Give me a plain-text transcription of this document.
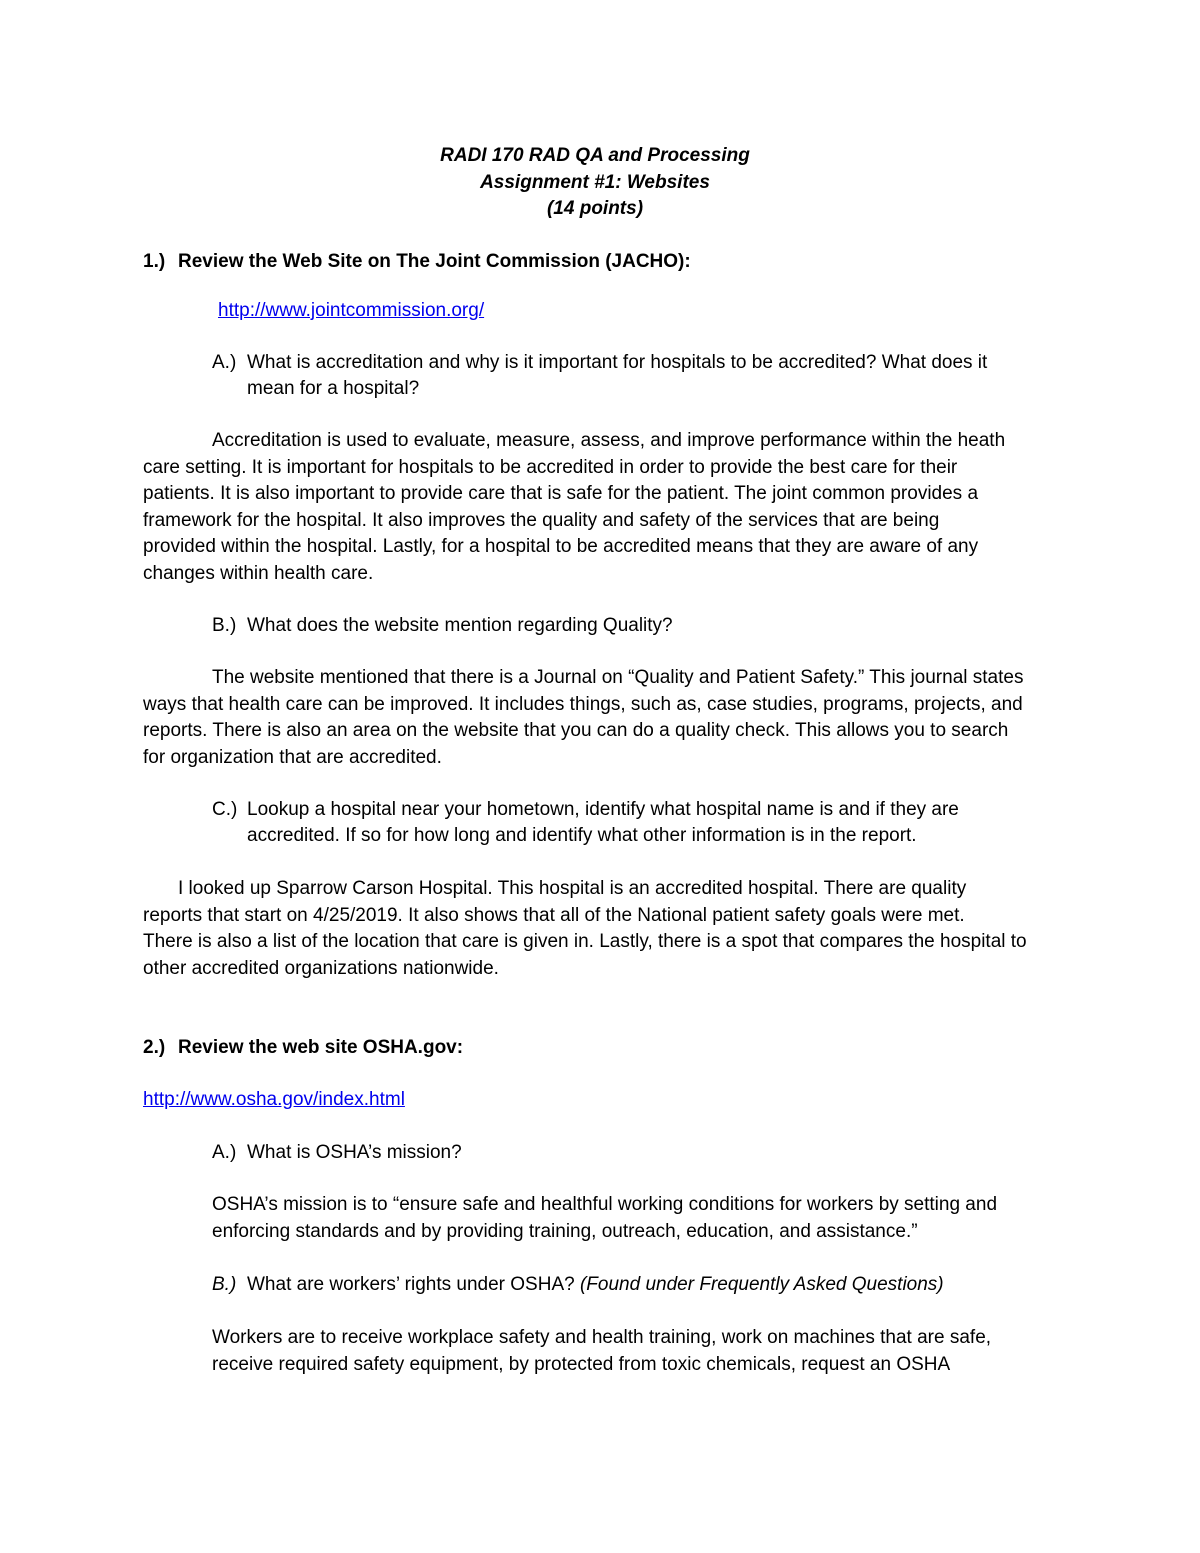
RADI 170 RAD QA and Processing
Assignment #1: Websites
(14 points)
1.) Review the Web Site on The Joint Commission (JACHO):
http://www.jointcommission.org/
A.) What is accreditation and why is it important for hospitals to be accredited? What does it
mean for a hospital?
Accreditation is used to evaluate, measure, assess, and improve performance within the heath
care setting. It is important for hospitals to be accredited in order to provide the best care for their
patients. It is also important to provide care that is safe for the patient. The joint common provides a
framework for the hospital. It also improves the quality and safety of the services that are being
provided within the hospital. Lastly, for a hospital to be accredited means that they are aware of any
changes within health care.
B.) What does the website mention regarding Quality?
The website mentioned that there is a Journal on “Quality and Patient Safety.” This journal states
ways that health care can be improved. It includes things, such as, case studies, programs, projects, and
reports. There is also an area on the website that you can do a quality check. This allows you to search
for organization that are accredited.
C.) Lookup a hospital near your hometown, identify what hospital name is and if they are
accredited. If so for how long and identify what other information is in the report.
I looked up Sparrow Carson Hospital. This hospital is an accredited hospital. There are quality
reports that start on 4/25/2019. It also shows that all of the National patient safety goals were met.
There is also a list of the location that care is given in. Lastly, there is a spot that compares the hospital to
other accredited organizations nationwide.
2.) Review the web site OSHA.gov:
http://www.osha.gov/index.html
A.) What is OSHA’s mission?
OSHA’s mission is to “ensure safe and healthful working conditions for workers by setting and
enforcing standards and by providing training, outreach, education, and assistance.”
B.) What are workers’ rights under OSHA? (Found under Frequently Asked Questions)
Workers are to receive workplace safety and health training, work on machines that are safe,
receive required safety equipment, by protected from toxic chemicals, request an OSHA
